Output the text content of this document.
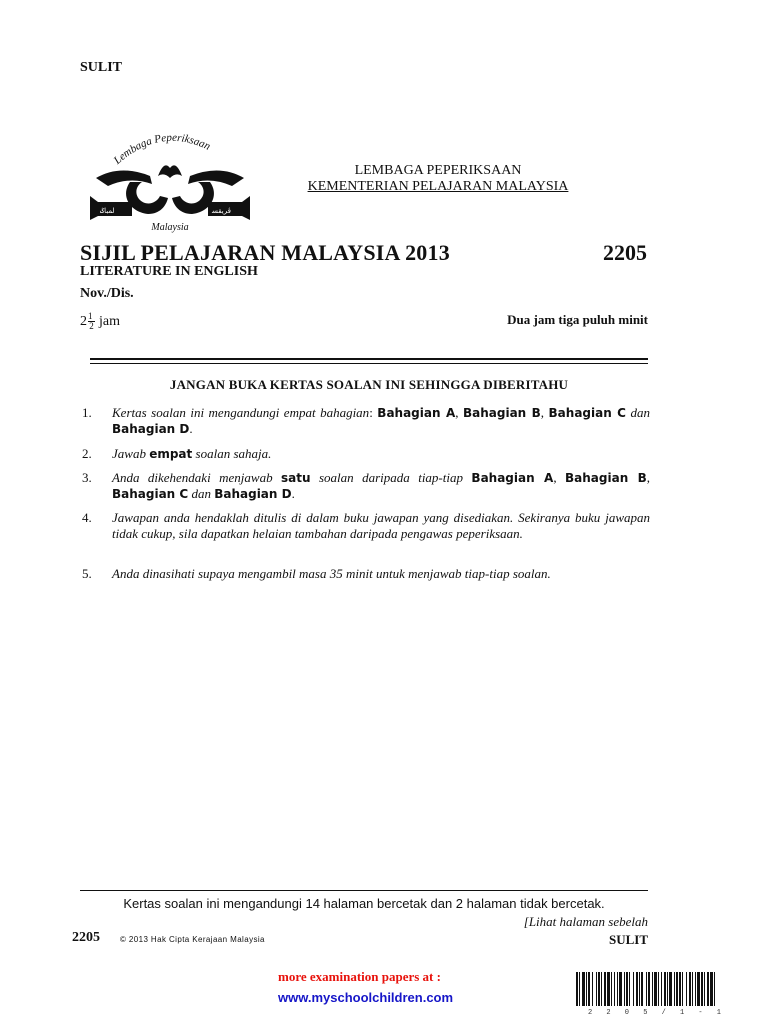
SULIT
Lembaga Peperiksaan
ﻟﻤﺒﺎݢ	ﭬﺮﻳﻘﺴ
Malaysia
LEMBAGA PEPERIKSAAN
KEMENTERIAN PELAJARAN MALAYSIA
SIJIL PELAJARAN MALAYSIA 2013	2205
LITERATURE IN ENGLISH
Nov./Dis.
$2 \frac{1}{2}$ jam	Dua jam tiga puluh minit
JANGAN BUKA KERTAS SOALAN INI SEHINGGA DIBERITAHU
1.	Kertas soalan ini mengandungi empat bahagian: Bahagian A, Bahagian B, Bahagian C dan Bahagian D.
2.	Jawab empat soalan sahaja.
3.	Anda dikehendaki menjawab satu soalan daripada tiap-tiap Bahagian A, Bahagian B, Bahagian C dan Bahagian D.
4.	Jawapan anda hendaklah ditulis di dalam buku jawapan yang disediakan. Sekiranya buku jawapan tidak cukup, sila dapatkan helaian tambahan daripada pengawas peperiksaan.
5.	Anda dinasihati supaya mengambil masa 35 minit untuk menjawab tiap-tiap soalan.
Kertas soalan ini mengandungi 14 halaman bercetak dan 2 halaman tidak bercetak.
[Lihat halaman sebelah
2205	© 2013 Hak Cipta Kerajaan Malaysia	SULIT
more examination papers at :
www.myschoolchildren.com
2 2 0 5 / 1 - 1
